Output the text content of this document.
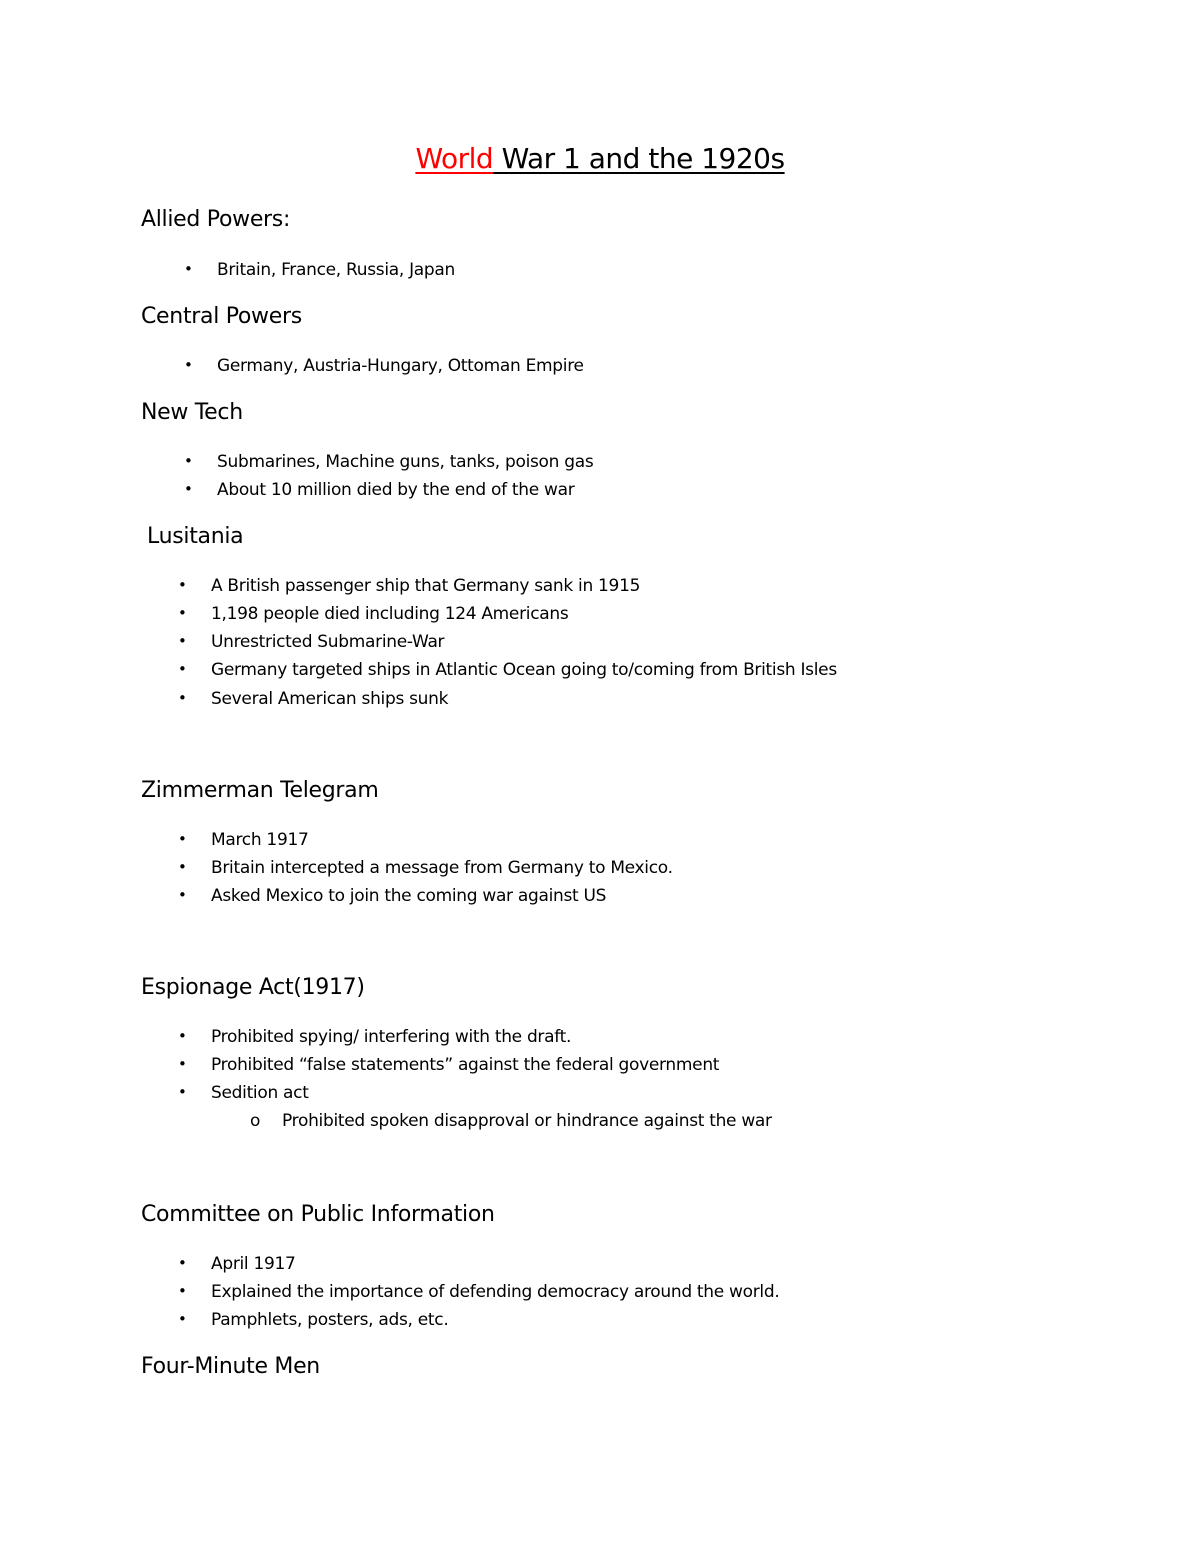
World War 1 and the 1920s
Allied Powers:
• Britain, France, Russia, Japan
Central Powers
• Germany, Austria-Hungary, Ottoman Empire
New Tech
• Submarines, Machine guns, tanks, poison gas
• About 10 million died by the end of the war
Lusitania
• A British passenger ship that Germany sank in 1915
• 1,198 people died including 124 Americans
• Unrestricted Submarine-War
• Germany targeted ships in Atlantic Ocean going to/coming from British Isles
• Several American ships sunk
Zimmerman Telegram
• March 1917
• Britain intercepted a message from Germany to Mexico.
• Asked Mexico to join the coming war against US
Espionage Act(1917)
• Prohibited spying/ interfering with the draft.
• Prohibited “false statements” against the federal government
• Sedition act
o Prohibited spoken disapproval or hindrance against the war
Committee on Public Information
• April 1917
• Explained the importance of defending democracy around the world.
• Pamphlets, posters, ads, etc.
Four-Minute Men
